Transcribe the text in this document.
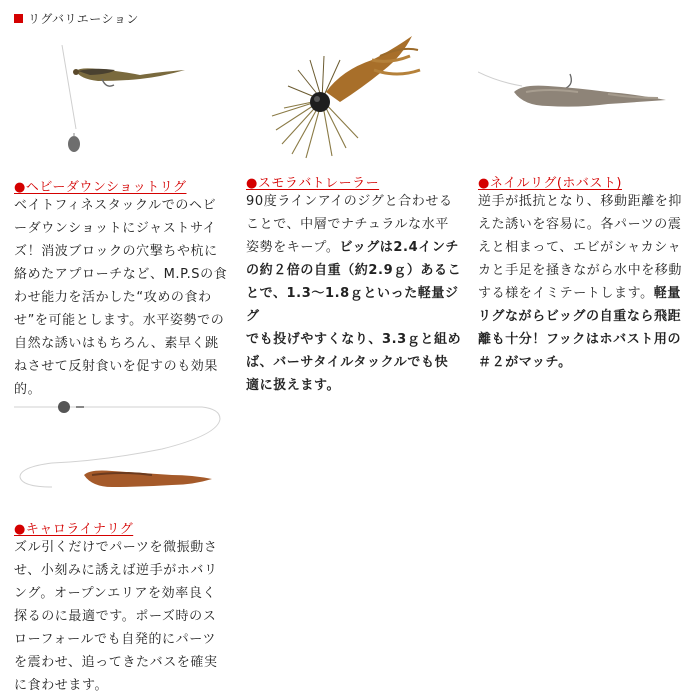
リグバリエーション
●ヘビーダウンショットリグ

ベイトフィネスタックルでのヘビ

ーダウンショットにジャストサイ

ズ！消波ブロックの穴撃ちや杭に

絡めたアプローチなど、M.P.Sの食

わせ能力を活かした“攻めの食わ

せ”を可能とします。水平姿勢での

自然な誘いはもちろん、素早く跳

ねさせて反射食いを促すのも効果

的。

●スモラバトレーラー

90度ラインアイのジグと合わせる

ことで、中層でナチュラルな水平

姿勢をキープ。ビッグは2.4インチ

の約２倍の自重（約2.9ｇ）あるこ

とで、1.3～1.8ｇといった軽量ジグ

でも投げやすくなり、3.3ｇと組め

ば、バーサタイルタックルでも快

適に扱えます。

●ネイルリグ(ホバスト)

逆手が抵抗となり、移動距離を抑

えた誘いを容易に。各パーツの震

えと相まって、エビがシャカシャ

カと手足を掻きながら水中を移動

する様をイミテートします。軽量

リグながらビッグの自重なら飛距

離も十分！フックはホバスト用の

＃２がマッチ。

●キャロライナリグ

ズル引くだけでパーツを微振動さ

せ、小刻みに誘えば逆手がホバリ

ング。オープンエリアを効率良く

探るのに最適です。ポーズ時のス

ローフォールでも自発的にパーツ

を震わせ、追ってきたバスを確実

に食わせます。
